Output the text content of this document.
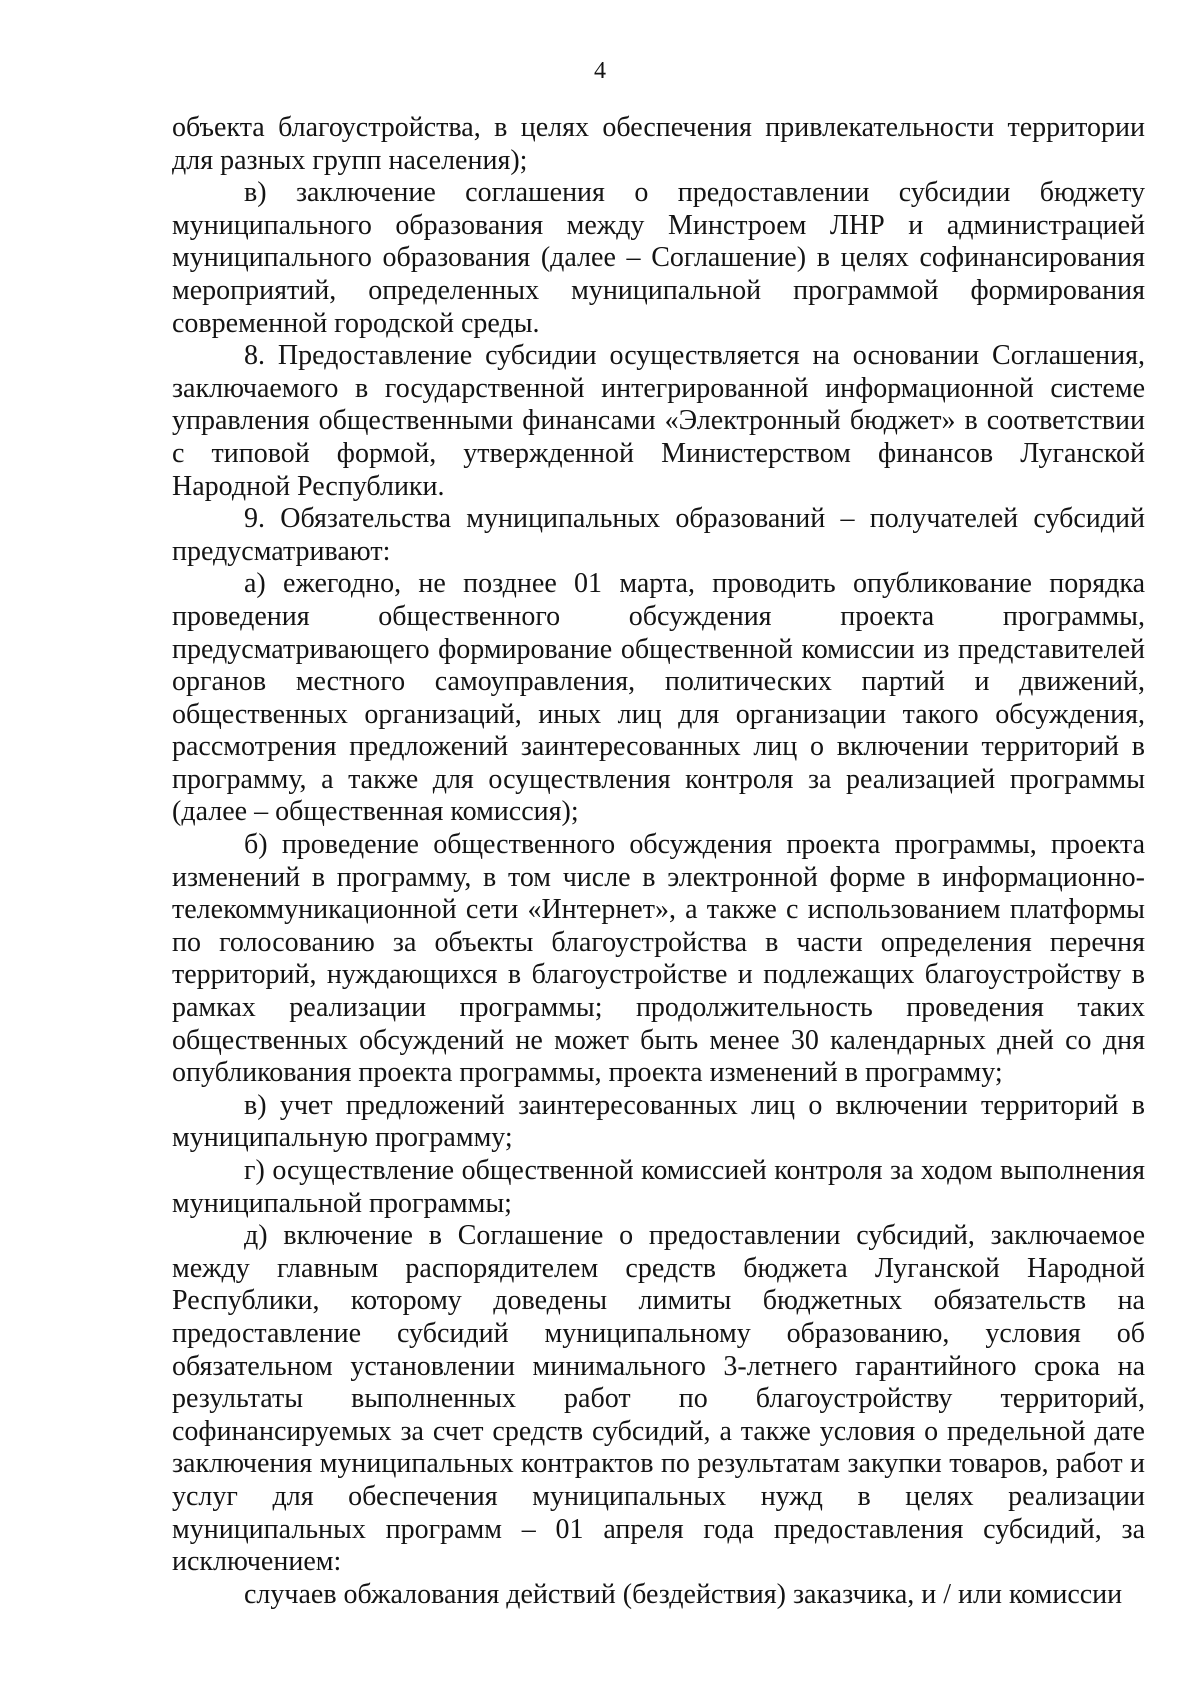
4

объекта благоустройства, в целях обеспечения привлекательности территории для разных групп населения);

в) заключение соглашения о предоставлении субсидии бюджету муниципального образования между Минстроем ЛНР и администрацией муниципального образования (далее – Соглашение) в целях софинансирования мероприятий, определенных муниципальной программой формирования современной городской среды.

8. Предоставление субсидии осуществляется на основании Соглашения, заключаемого в государственной интегрированной информационной системе управления общественными финансами «Электронный бюджет» в соответствии с типовой формой, утвержденной Министерством финансов Луганской Народной Республики.

9. Обязательства муниципальных образований – получателей субсидий предусматривают:

а) ежегодно, не позднее 01 марта, проводить опубликование порядка проведения общественного обсуждения проекта программы, предусматривающего формирование общественной комиссии из представителей органов местного самоуправления, политических партий и движений, общественных организаций, иных лиц для организации такого обсуждения, рассмотрения предложений заинтересованных лиц о включении территорий в программу, а также для осуществления контроля за реализацией программы (далее – общественная комиссия);

б) проведение общественного обсуждения проекта программы, проекта изменений в программу, в том числе в электронной форме в информационно-телекоммуникационной сети «Интернет», а также с использованием платформы по голосованию за объекты благоустройства в части определения перечня территорий, нуждающихся в благоустройстве и подлежащих благоустройству в рамках реализации программы; продолжительность проведения таких общественных обсуждений не может быть менее 30 календарных дней со дня опубликования проекта программы, проекта изменений в программу;

в) учет предложений заинтересованных лиц о включении территорий в муниципальную программу;

г) осуществление общественной комиссией контроля за ходом выполнения муниципальной программы;

д) включение в Соглашение о предоставлении субсидий, заключаемое между главным распорядителем средств бюджета Луганской Народной Республики, которому доведены лимиты бюджетных обязательств на предоставление субсидий муниципальному образованию, условия об обязательном установлении минимального 3-летнего гарантийного срока на результаты выполненных работ по благоустройству территорий, софинансируемых за счет средств субсидий, а также условия о предельной дате заключения муниципальных контрактов по результатам закупки товаров, работ и услуг для обеспечения муниципальных нужд в целях реализации муниципальных программ – 01 апреля года предоставления субсидий, за исключением:

случаев обжалования действий (бездействия) заказчика, и / или комиссии
